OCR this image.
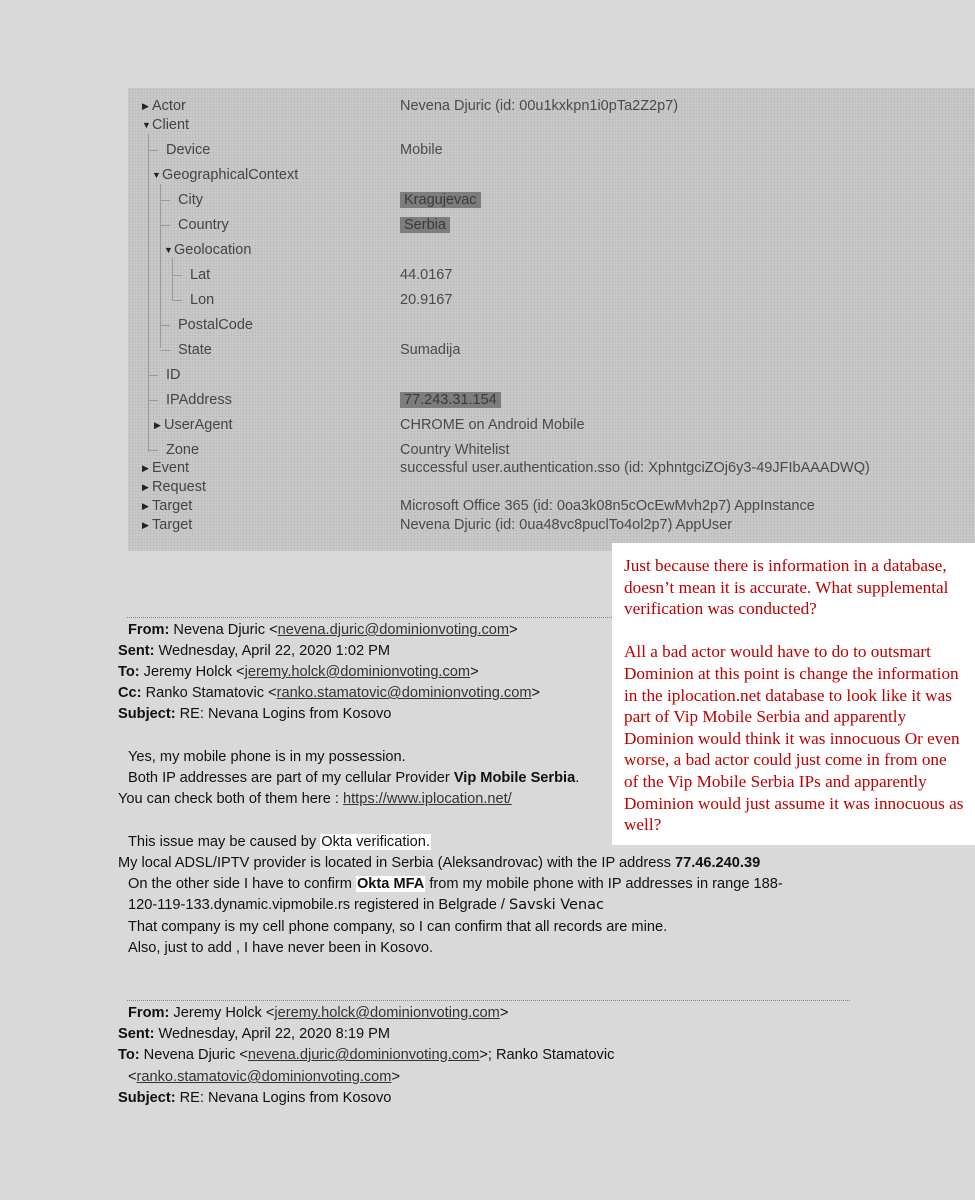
▶ Actor	Nevena Djuric (id: 00u1kxkpn1i0pTa2Z2p7)
▼Client
Device	Mobile
▼GeographicalContext
City	Kragujevac
Country	Serbia
▼Geolocation
Lat	44.0167
Lon	20.9167
PostalCode
State	Sumadija
ID
IPAddress	77.243.31.154
▶ UserAgent	CHROME on Android Mobile
Zone	Country Whitelist
▶ Event	successful user.authentication.sso (id: XphntgciZOj6y3-49JFIbAAADWQ)
▶ Request
▶ Target	Microsoft Office 365 (id: 0oa3k08n5cOcEwMvh2p7) AppInstance
▶ Target	Nevena Djuric (id: 0ua48vc8puclTo4ol2p7) AppUser

Just because there is information in a database, doesn’t mean it is accurate. What supplemental verification was conducted?

All a bad actor would have to do to outsmart Dominion at this point is change the information in the iplocation.net database to look like it was part of Vip Mobile Serbia and apparently Dominion would think it was innocuous Or even worse, a bad actor could just come in from one of the Vip Mobile Serbia IPs and apparently Dominion would just assume it was innocuous as well?

From: Nevena Djuric <nevena.djuric@dominionvoting.com>
Sent: Wednesday, April 22, 2020 1:02 PM
To: Jeremy Holck <jeremy.holck@dominionvoting.com>
Cc: Ranko Stamatovic <ranko.stamatovic@dominionvoting.com>
Subject: RE: Nevana Logins from Kosovo
Yes, my mobile phone is in my possession.
Both IP addresses are part of my cellular Provider Vip Mobile Serbia.
You can check both of them here : https://www.iplocation.net/
This issue may be caused by Okta verification.
My local ADSL/IPTV provider is located in Serbia (Aleksandrovac) with the IP address 77.46.240.39
On the other side I have to confirm Okta MFA from my mobile phone with IP addresses in range 188-
120-119-133.dynamic.vipmobile.rs registered in Belgrade / Savski Venac
That company is my cell phone company, so I can confirm that all records are mine.
Also, just to add , I have never been in Kosovo.
From: Jeremy Holck <jeremy.holck@dominionvoting.com>
Sent: Wednesday, April 22, 2020 8:19 PM
To: Nevena Djuric <nevena.djuric@dominionvoting.com>; Ranko Stamatovic
<ranko.stamatovic@dominionvoting.com>
Subject: RE: Nevana Logins from Kosovo
